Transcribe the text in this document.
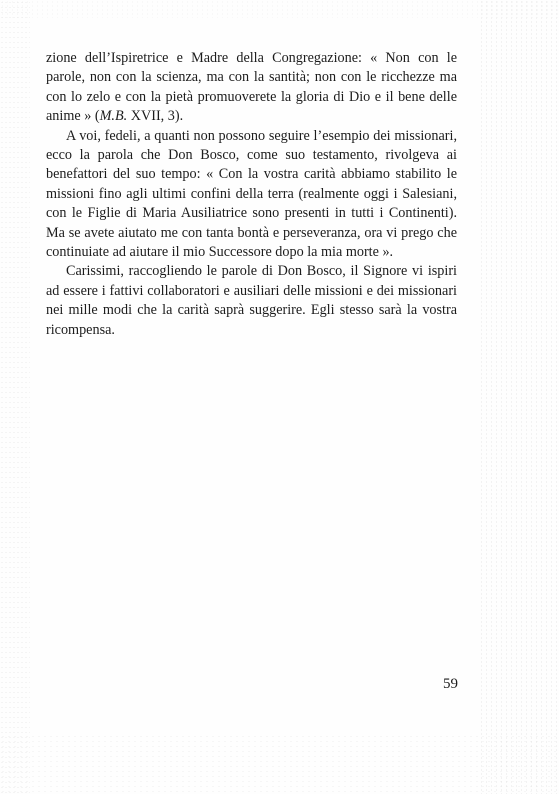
zione dell’Ispiretrice e Madre della Congregazione: « Non con le parole, non con la scienza, ma con la santità; non con le ricchezze ma con lo zelo e con la pietà promuoverete la gloria di Dio e il bene delle anime » (M.B. XVII, 3).

A voi, fedeli, a quanti non possono seguire l’esempio dei missionari, ecco la parola che Don Bosco, come suo testamento, rivolgeva ai benefattori del suo tempo: « Con la vostra carità abbiamo stabilito le missioni fino agli ultimi confini della terra (realmente oggi i Salesiani, con le Figlie di Maria Ausiliatrice sono presenti in tutti i Continenti). Ma se avete aiutato me con tanta bontà e perseveranza, ora vi prego che continuiate ad aiutare il mio Successore dopo la mia morte ».

Carissimi, raccogliendo le parole di Don Bosco, il Signore vi ispiri ad essere i fattivi collaboratori e ausiliari delle missioni e dei missionari nei mille modi che la carità saprà suggerire. Egli stesso sarà la vostra ricompensa.

59
